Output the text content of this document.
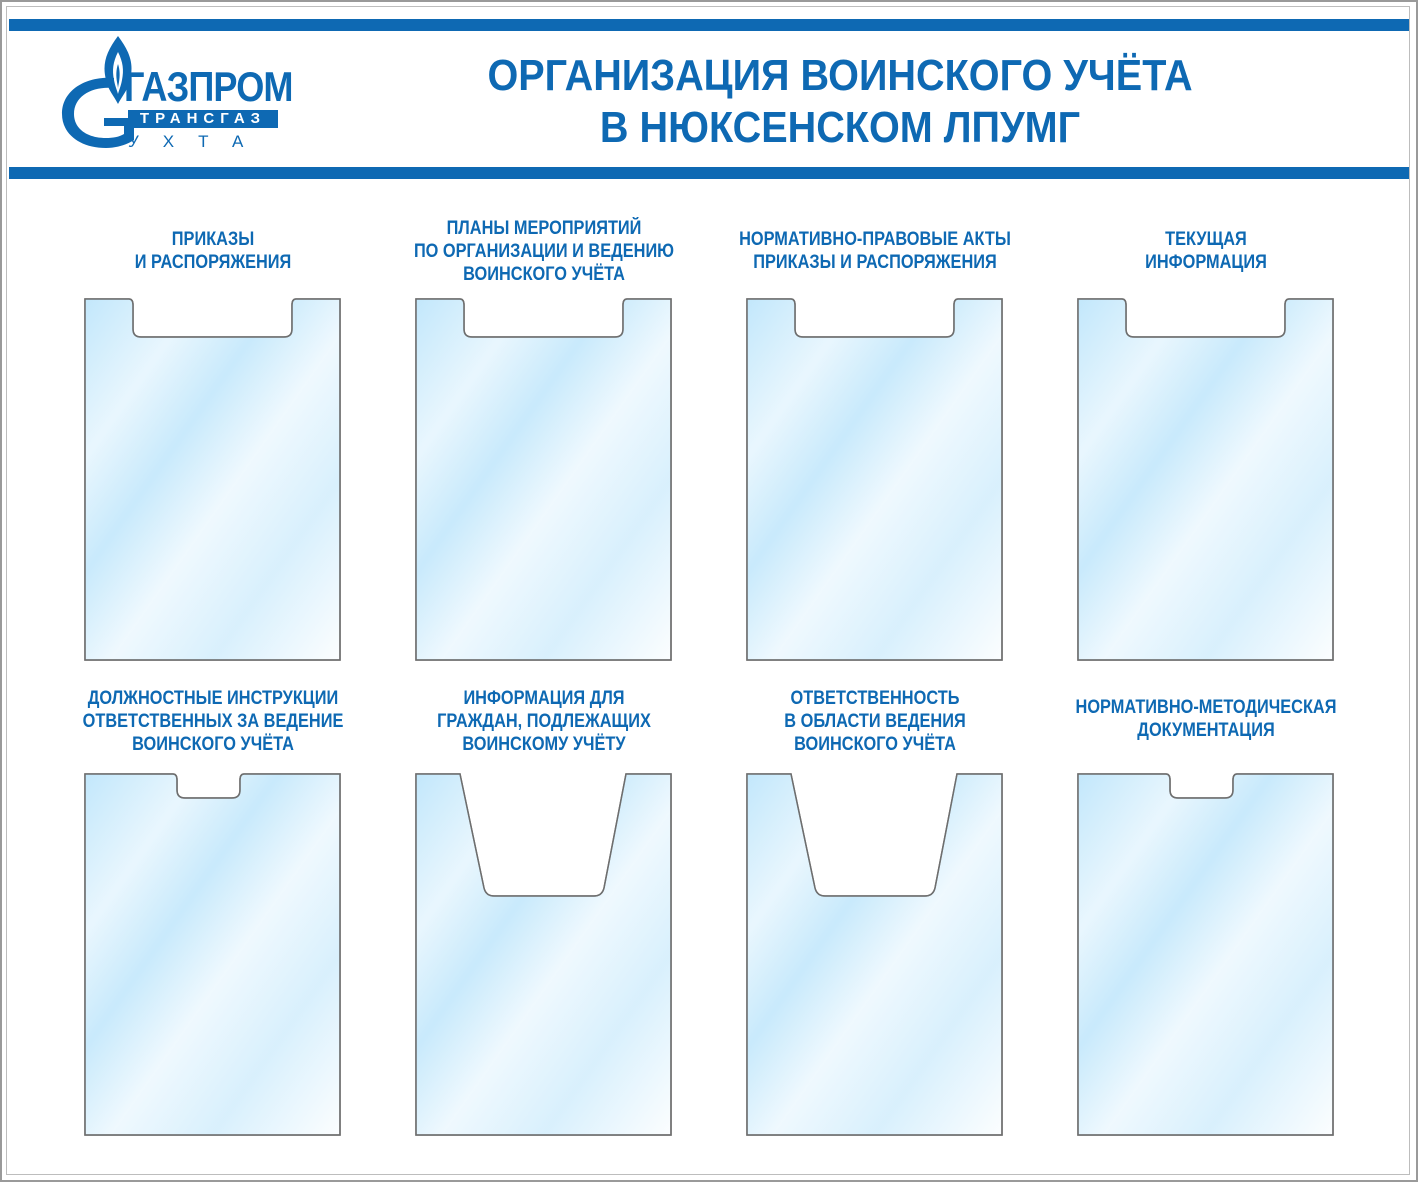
ГАЗПРОМ
ТРАНСГАЗ
УХТА
ОРГАНИЗАЦИЯ ВОИНСКОГО УЧЁТА
В НЮКСЕНСКОМ ЛПУМГ
ПРИКАЗЫ
И РАСПОРЯЖЕНИЯ
ПЛАНЫ МЕРОПРИЯТИЙ
ПО ОРГАНИЗАЦИИ И ВЕДЕНИЮ
ВОИНСКОГО УЧЁТА
НОРМАТИВНО-ПРАВОВЫЕ АКТЫ
ПРИКАЗЫ И РАСПОРЯЖЕНИЯ
ТЕКУЩАЯ
ИНФОРМАЦИЯ
ДОЛЖНОСТНЫЕ ИНСТРУКЦИИ
ОТВЕТСТВЕННЫХ ЗА ВЕДЕНИЕ
ВОИНСКОГО УЧЁТА
ИНФОРМАЦИЯ ДЛЯ
ГРАЖДАН, ПОДЛЕЖАЩИХ
ВОИНСКОМУ УЧЁТУ
ОТВЕТСТВЕННОСТЬ
В ОБЛАСТИ ВЕДЕНИЯ
ВОИНСКОГО УЧЁТА
НОРМАТИВНО-МЕТОДИЧЕСКАЯ
ДОКУМЕНТАЦИЯ
